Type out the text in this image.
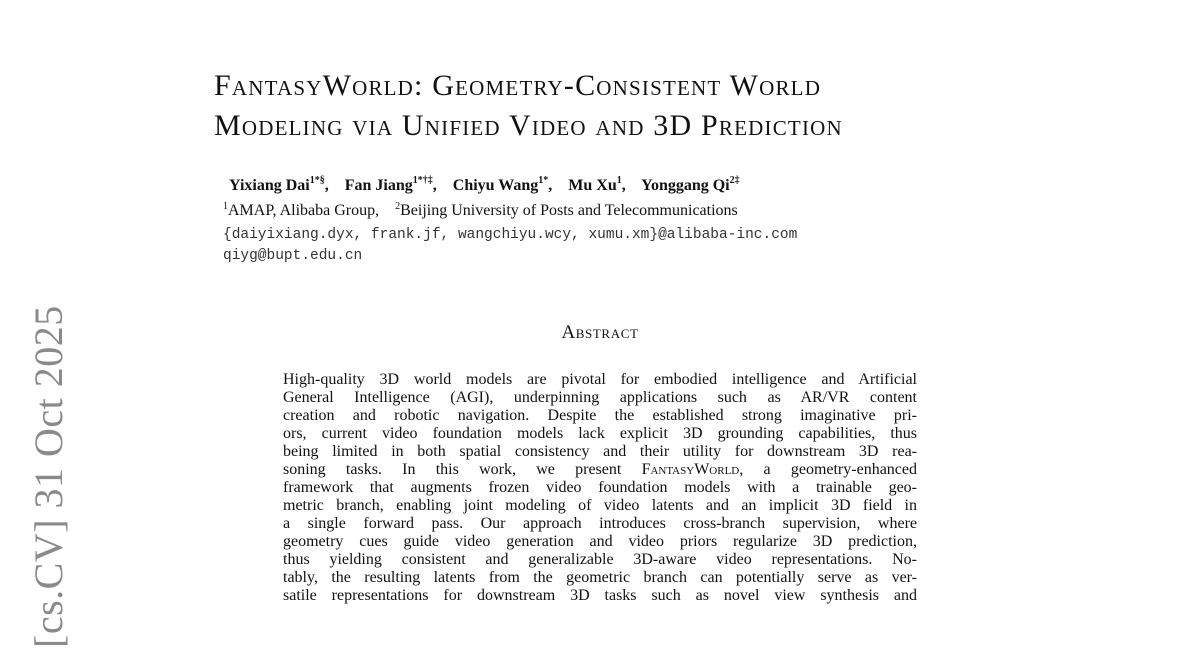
[cs.CV] 31 Oct 2025
FantasyWorld: Geometry-Consistent World
Modeling via Unified Video and 3D Prediction
Yixiang Dai$^{1*\S}$, Fan Jiang$^{1*\dagger\ddagger}$, Chiyu Wang$^{1*}$, Mu Xu$^1$, Yonggang $Qi^{2\ddagger}$
$^1$AMAP, Alibaba Group, $^2$Beijing University of Posts and Telecommunications
{daiyixiang.dyx, frank.jf, wangchiyu.wcy, xumu.xm}@alibaba-inc.com
qiyg@bupt.edu.cn
Abstract
High-quality 3D world models are pivotal for embodied intelligence and Artificial
General Intelligence (AGI), underpinning applications such as AR/VR content
creation and robotic navigation. Despite the established strong imaginative pri-
ors, current video foundation models lack explicit 3D grounding capabilities, thus
being limited in both spatial consistency and their utility for downstream 3D rea-
soning tasks. In this work, we present FantasyWorld, a geometry-enhanced
framework that augments frozen video foundation models with a trainable geo-
metric branch, enabling joint modeling of video latents and an implicit 3D field in
a single forward pass. Our approach introduces cross-branch supervision, where
geometry cues guide video generation and video priors regularize 3D prediction,
thus yielding consistent and generalizable 3D-aware video representations. No-
tably, the resulting latents from the geometric branch can potentially serve as ver-
satile representations for downstream 3D tasks such as novel view synthesis and
